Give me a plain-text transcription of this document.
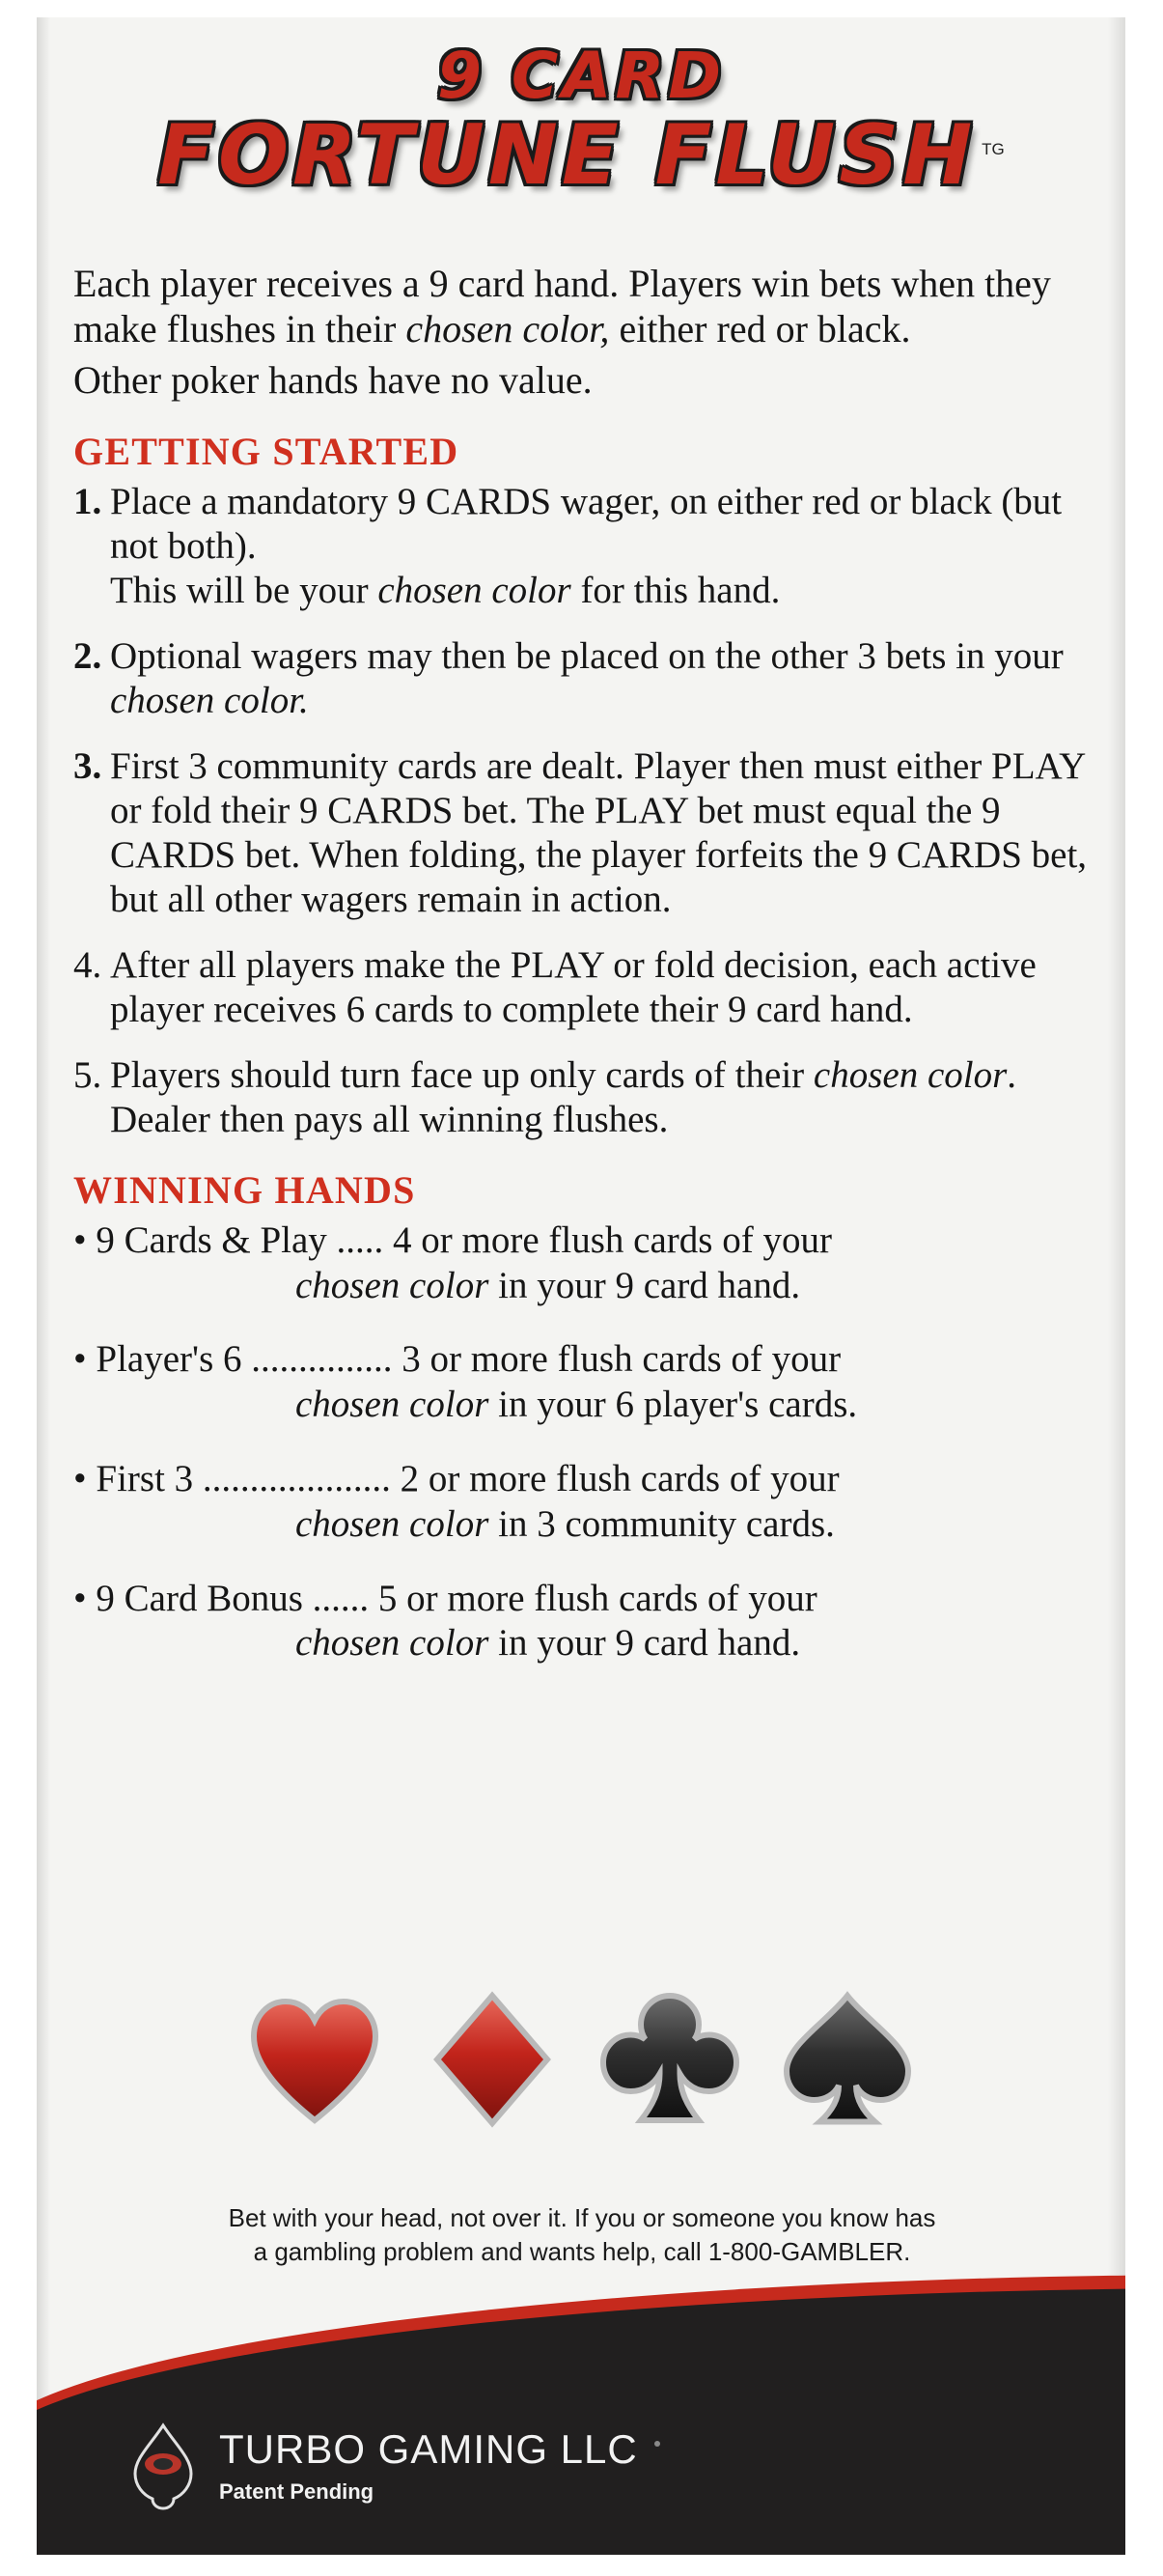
9 CARD
FORTUNE FLUSH $^{TG}$

Each player receives a 9 card hand. Players win bets when they make flushes in their chosen color, either red or black.

Other poker hands have no value.

GETTING STARTED
1. Place a mandatory 9 CARDS wager, on either red or black (but not both).
This will be your chosen color for this hand.
2. Optional wagers may then be placed on the other 3 bets in your chosen color.
3. First 3 community cards are dealt. Player then must either PLAY or fold their 9 CARDS bet. The PLAY bet must equal the 9 CARDS bet. When folding, the player forfeits the 9 CARDS bet, but all other wagers remain in action.
4. After all players make the PLAY or fold decision, each active player receives 6 cards to complete their 9 card hand.
5. Players should turn face up only cards of their chosen color. Dealer then pays all winning flushes.
WINNING HANDS
• 9 Cards & Play ..... 4 or more flush cards of your
chosen color in your 9 card hand.
• Player's 6 ............... 3 or more flush cards of your
chosen color in your 6 player's cards.
• First 3 .................... 2 or more flush cards of your
chosen color in 3 community cards.
• 9 Card Bonus ...... 5 or more flush cards of your
chosen color in your 9 card hand.
Bet with your head, not over it. If you or someone you know has
a gambling problem and wants help, call 1-800-GAMBLER.
TURBO GAMING LLC
Patent Pending
